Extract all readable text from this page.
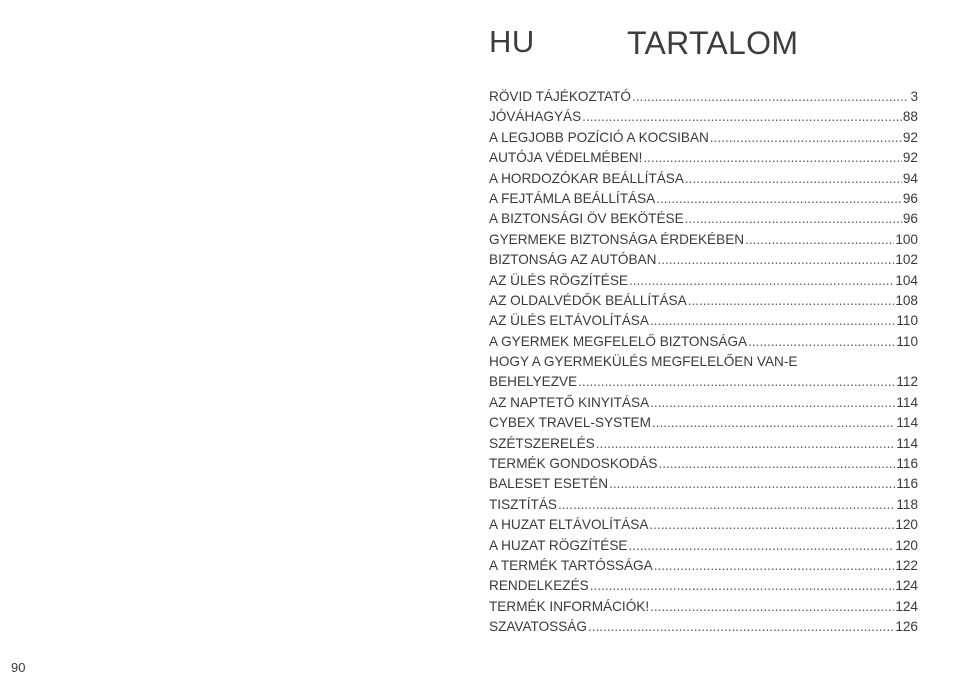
HU	TARTALOM
RÖVID TÁJÉKOZTATÓ .....	3
JÓVÁHAGYÁS .....	88
A LEGJOBB POZÍCIÓ A KOCSIBAN .....	92
AUTÓJA VÉDELMÉBEN! .....	92
A HORDOZÓKAR BEÁLLÍTÁSA .....	94
A FEJTÁMLA BEÁLLÍTÁSA .....	96
A BIZTONSÁGI ÖV BEKÖTÉSE .....	96
GYERMEKE BIZTONSÁGA ÉRDEKÉBEN .....	100
BIZTONSÁG AZ AUTÓBAN .....	102
AZ ÜLÉS RÖGZÍTÉSE .....	104
AZ OLDALVÉDŐK BEÁLLÍTÁSA .....	108
AZ ÜLÉS ELTÁVOLÍTÁSA .....	110
A GYERMEK MEGFELELŐ BIZTONSÁGA .....	110
HOGY A GYERMEKÜLÉS MEGFELELŐEN VAN-E
BEHELYEZVE .....	112
AZ NAPTETŐ KINYITÁSA .....	114
CYBEX TRAVEL-SYSTEM .....	114
SZÉTSZERELÉS .....	114
TERMÉK GONDOSKODÁS .....	116
BALESET ESETÉN .....	116
TISZTÍTÁS .....	118
A HUZAT ELTÁVOLÍTÁSA .....	120
A HUZAT RÖGZÍTÉSE .....	120
A TERMÉK TARTÓSSÁGA .....	122
RENDELKEZÉS .....	124
TERMÉK INFORMÁCIÓK! .....	124
SZAVATOSSÁG .....	126
90
